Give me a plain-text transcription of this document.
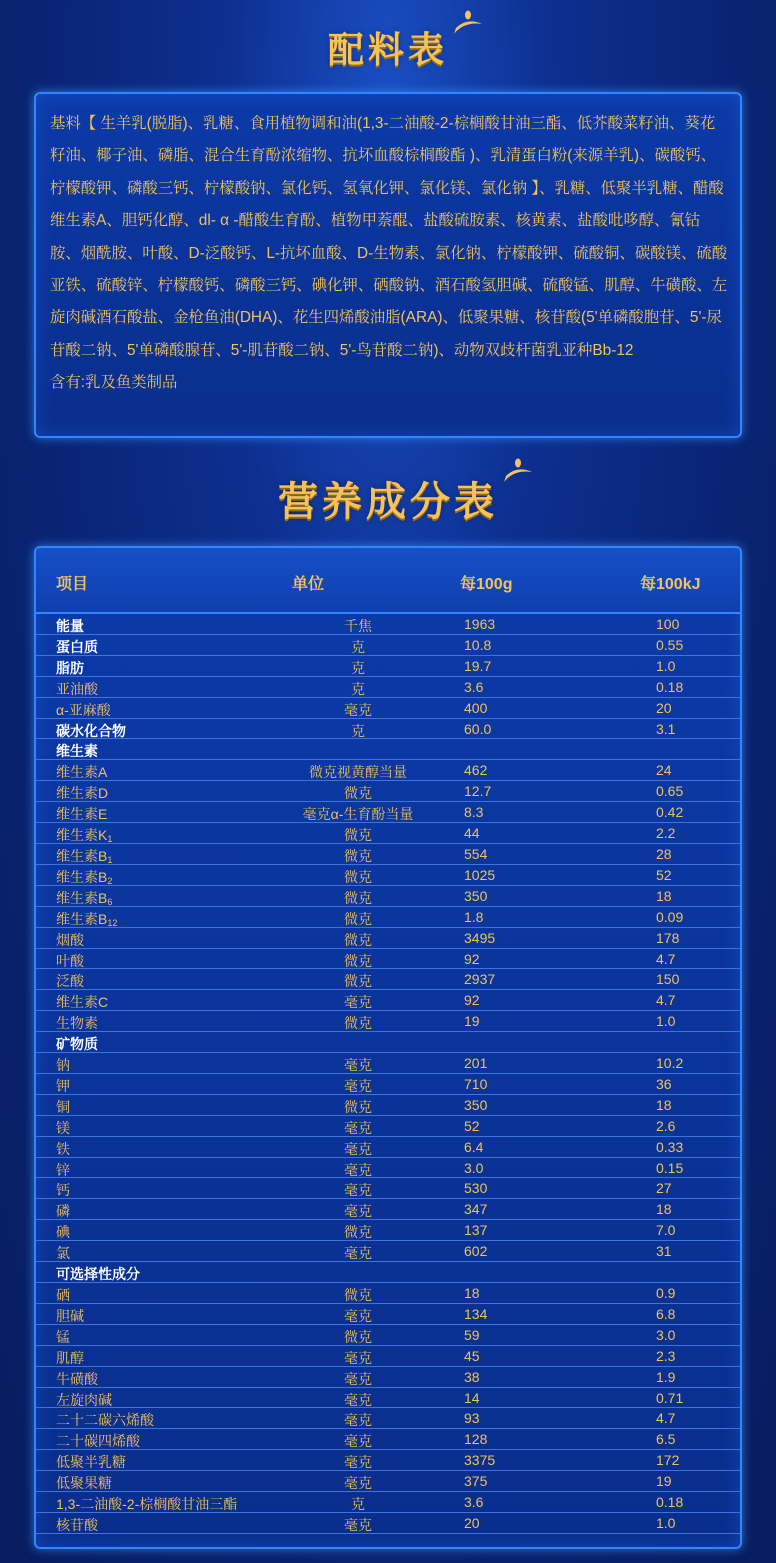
配料表

基料【 生羊乳(脱脂)、乳糖、食用植物调和油(1,3-二油酸-2-棕榈酸甘油三酯、低芥酸菜籽油、葵花籽油、椰子油、磷脂、混合生育酚浓缩物、抗坏血酸棕榈酸酯 )、乳清蛋白粉(来源羊乳)、碳酸钙、柠檬酸钾、磷酸三钙、柠檬酸钠、氯化钙、氢氧化钾、氯化镁、氯化钠 】、乳糖、低聚半乳糖、醋酸维生素A、胆钙化醇、dl- α -醋酸生育酚、植物甲萘醌、盐酸硫胺素、核黄素、盐酸吡哆醇、氰钴胺、烟酰胺、叶酸、D-泛酸钙、L-抗坏血酸、D-生物素、氯化钠、柠檬酸钾、硫酸铜、碳酸镁、硫酸亚铁、硫酸锌、柠檬酸钙、磷酸三钙、碘化钾、硒酸钠、酒石酸氢胆碱、硫酸锰、肌醇、牛磺酸、左旋肉碱酒石酸盐、金枪鱼油(DHA)、花生四烯酸油脂(ARA)、低聚果糖、核苷酸(5'单磷酸胞苷、5'-尿苷酸二钠、5'单磷酸腺苷、5'-肌苷酸二钠、5'-鸟苷酸二钠)、动物双歧杆菌乳亚种Bb-12

含有:乳及鱼类制品
营养成分表
项目	单位	每100g	每100kJ
能量	千焦	1963	100
蛋白质	克	10.8	0.55
脂肪	克	19.7	1.0
亚油酸	克	3.6	0.18
α-亚麻酸	毫克	400	20
碳水化合物	克	60.0	3.1
维生素
维生素A	微克视黄醇当量	462	24
维生素D	微克	12.7	0.65
维生素E	毫克α-生育酚当量	8.3	0.42
维生素$K_1$	微克	44	2.2
维生素$B_1$	微克	554	28
维生素$B_2$	微克	1025	52
维生素$B_6$	微克	350	18
维生素$B_{12}$	微克	1.8	0.09
烟酸	微克	3495	178
叶酸	微克	92	4.7
泛酸	微克	2937	150
维生素C	毫克	92	4.7
生物素	微克	19	1.0
矿物质
钠	毫克	201	10.2
钾	毫克	710	36
铜	微克	350	18
镁	毫克	52	2.6
铁	毫克	6.4	0.33
锌	毫克	3.0	0.15
钙	毫克	530	27
磷	毫克	347	18
碘	微克	137	7.0
氯	毫克	602	31
可选择性成分
硒	微克	18	0.9
胆碱	毫克	134	6.8
锰	微克	59	3.0
肌醇	毫克	45	2.3
牛磺酸	毫克	38	1.9
左旋肉碱	毫克	14	0.71
二十二碳六烯酸	毫克	93	4.7
二十碳四烯酸	毫克	128	6.5
低聚半乳糖	毫克	3375	172
低聚果糖	毫克	375	19
1,3-二油酸-2-棕榈酸甘油三酯	克	3.6	0.18
核苷酸	毫克	20	1.0
